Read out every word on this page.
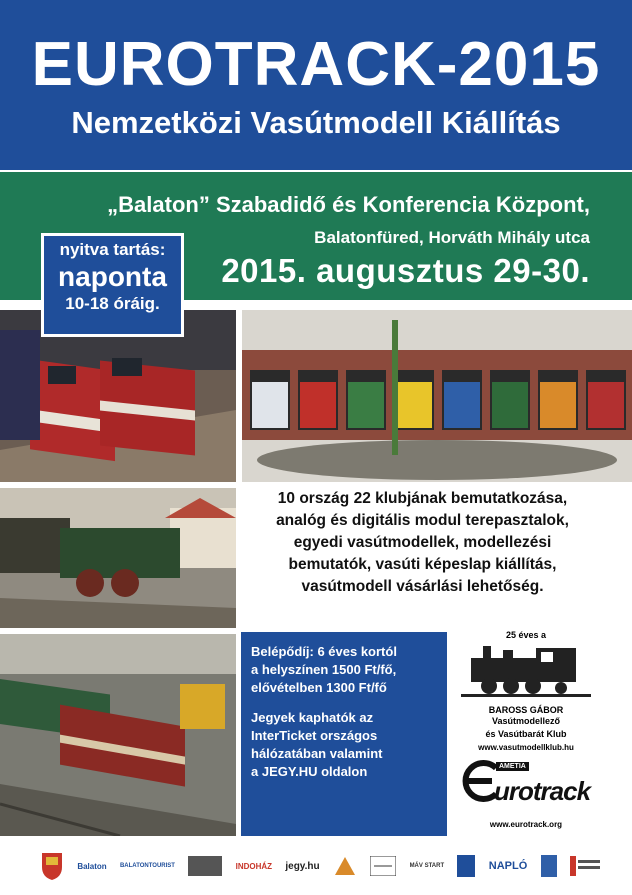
EUROTRACK-2015
Nemzetközi Vasútmodell Kiállítás
„Balaton” Szabadidő és Konferencia Központ,
Balatonfüred, Horváth Mihály utca
2015. augusztus 29-30.
nyitva tartás:
naponta
10-18 óráig.
10 ország 22 klubjának bemutatkozása,
analóg és digitális modul terepasztalok,
egyedi vasútmodellek, modellezési
bemutatók, vasúti képeslap kiállítás,
vasútmodell vásárlási lehetőség.
Belépődíj: 6 éves kortól
a helyszínen 1500 Ft/fő,
elővételben 1300 Ft/fő
Jegyek kaphatók az
InterTicket országos
hálózatában valamint
a JEGY.HU oldalon
25 éves a
BAROSS GÁBOR Vasútmodellező
és Vasútbarát Klub
www.vasutmodellklub.hu
AMETIA
urotrack
www.eurotrack.org
Balaton BALATONTOURIST	INDOHÁZ jegy.hu	MÁV START	NAPLÓ
